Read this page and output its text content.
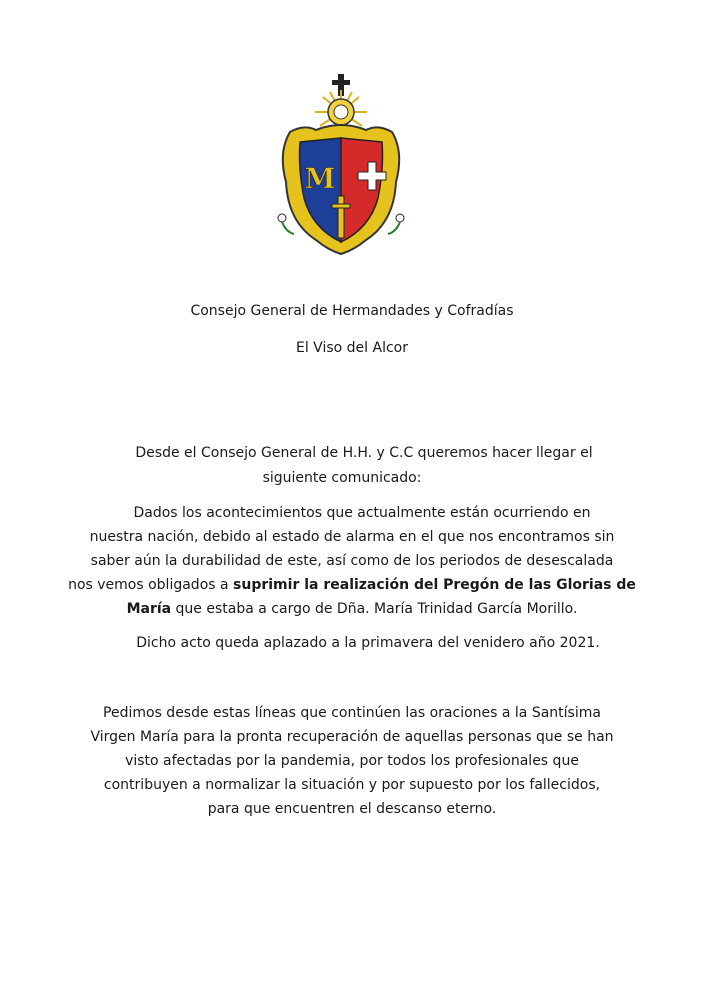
M
Consejo General de Hermandades y Cofradías
El Viso del Alcor
Desde el Consejo General de H.H. y C.C queremos hacer llegar el
siguiente comunicado:
Dados los acontecimientos que actualmente están ocurriendo en
nuestra nación, debido al estado de alarma en el que nos encontramos sin
saber aún la durabilidad de este, así como de los periodos de desescalada
nos vemos obligados a suprimir la realización del Pregón de las Glorias de
María que estaba a cargo de Dña. María Trinidad García Morillo.
Dicho acto queda aplazado a la primavera del venidero año 2021.
Pedimos desde estas líneas que continúen las oraciones a la Santísima
Virgen María para la pronta recuperación de aquellas personas que se han
visto afectadas por la pandemia, por todos los profesionales que
contribuyen a normalizar la situación y por supuesto por los fallecidos,
para que encuentren el descanso eterno.
